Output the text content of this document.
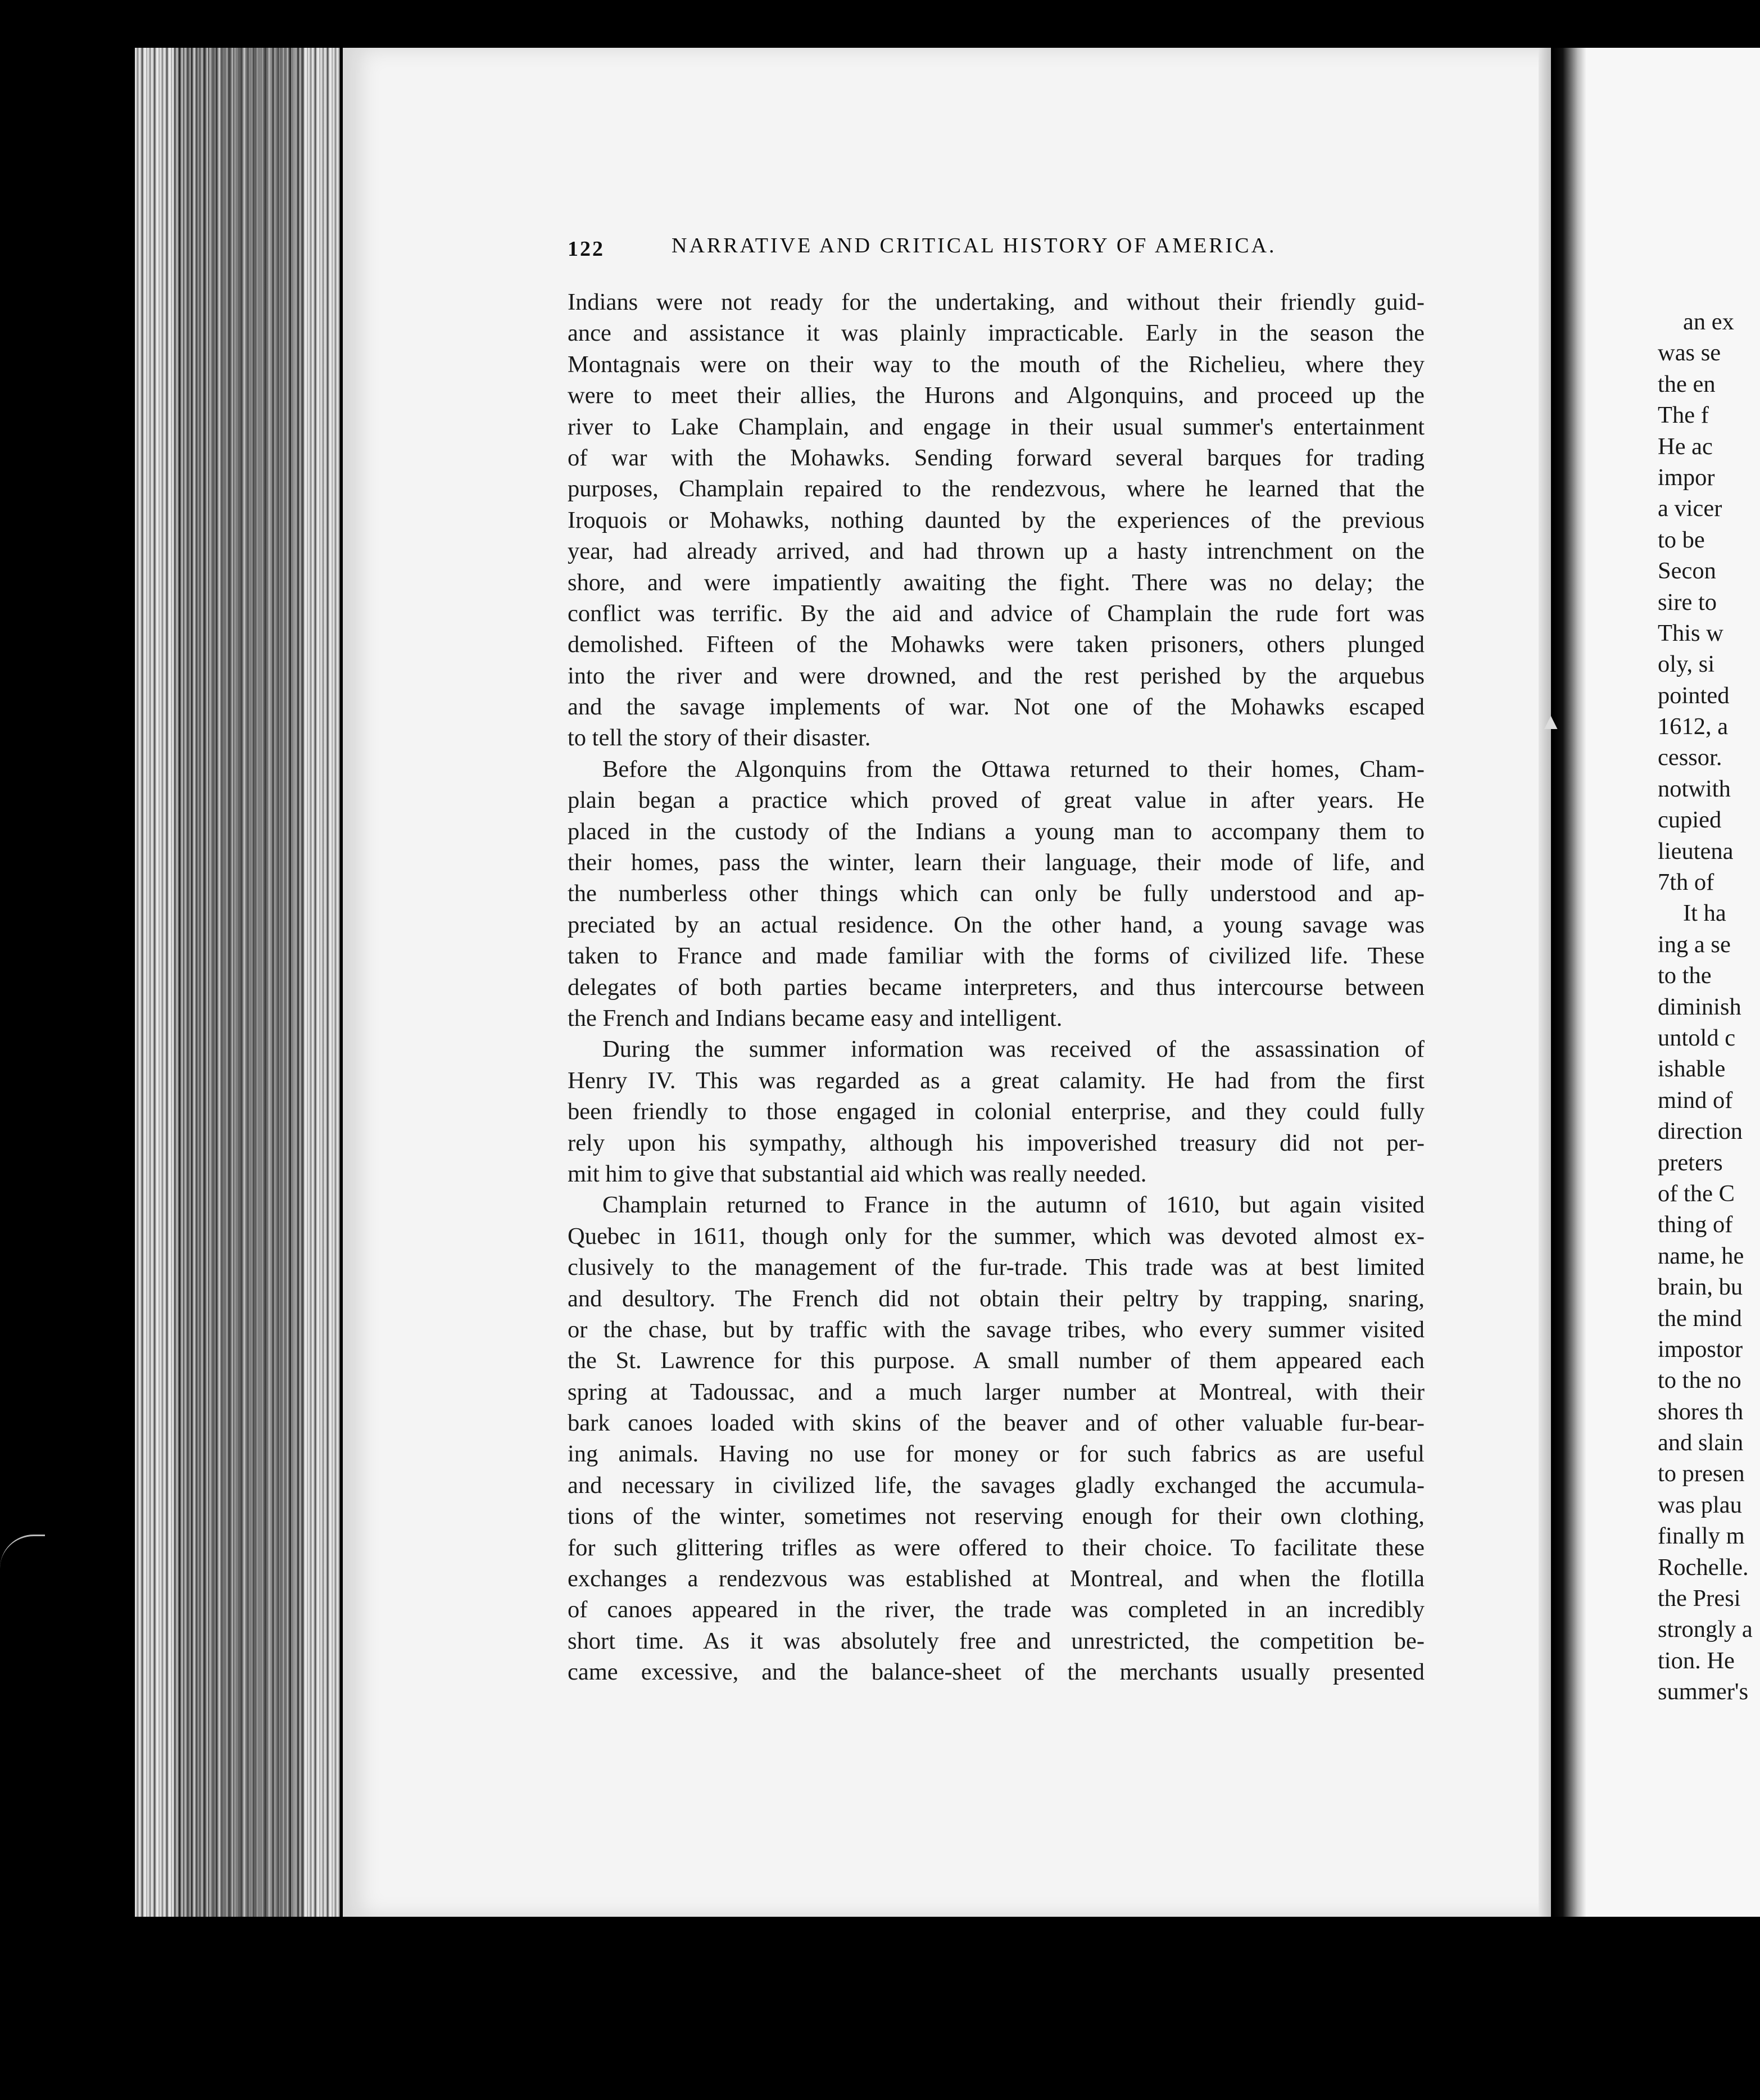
122	NARRATIVE AND CRITICAL HISTORY OF AMERICA.
Indians were not ready for the undertaking, and without their friendly guid-
ance and assistance it was plainly impracticable. Early in the season the
Montagnais were on their way to the mouth of the Richelieu, where they
were to meet their allies, the Hurons and Algonquins, and proceed up the
river to Lake Champlain, and engage in their usual summer's entertainment
of war with the Mohawks. Sending forward several barques for trading
purposes, Champlain repaired to the rendezvous, where he learned that the
Iroquois or Mohawks, nothing daunted by the experiences of the previous
year, had already arrived, and had thrown up a hasty intrenchment on the
shore, and were impatiently awaiting the fight. There was no delay; the
conflict was terrific. By the aid and advice of Champlain the rude fort was
demolished. Fifteen of the Mohawks were taken prisoners, others plunged
into the river and were drowned, and the rest perished by the arquebus
and the savage implements of war. Not one of the Mohawks escaped
to tell the story of their disaster.
Before the Algonquins from the Ottawa returned to their homes, Cham-
plain began a practice which proved of great value in after years. He
placed in the custody of the Indians a young man to accompany them to
their homes, pass the winter, learn their language, their mode of life, and
the numberless other things which can only be fully understood and ap-
preciated by an actual residence. On the other hand, a young savage was
taken to France and made familiar with the forms of civilized life. These
delegates of both parties became interpreters, and thus intercourse between
the French and Indians became easy and intelligent.
During the summer information was received of the assassination of
Henry IV. This was regarded as a great calamity. He had from the first
been friendly to those engaged in colonial enterprise, and they could fully
rely upon his sympathy, although his impoverished treasury did not per-
mit him to give that substantial aid which was really needed.
Champlain returned to France in the autumn of 1610, but again visited
Quebec in 1611, though only for the summer, which was devoted almost ex-
clusively to the management of the fur-trade. This trade was at best limited
and desultory. The French did not obtain their peltry by trapping, snaring,
or the chase, but by traffic with the savage tribes, who every summer visited
the St. Lawrence for this purpose. A small number of them appeared each
spring at Tadoussac, and a much larger number at Montreal, with their
bark canoes loaded with skins of the beaver and of other valuable fur-bear-
ing animals. Having no use for money or for such fabrics as are useful
and necessary in civilized life, the savages gladly exchanged the accumula-
tions of the winter, sometimes not reserving enough for their own clothing,
for such glittering trifles as were offered to their choice. To facilitate these
exchanges a rendezvous was established at Montreal, and when the flotilla
of canoes appeared in the river, the trade was completed in an incredibly
short time. As it was absolutely free and unrestricted, the competition be-
came excessive, and the balance-sheet of the merchants usually presented
an ex
was se
the en
The f
He ac
impor
a vicer
to be
Secon
sire to
This w
oly, si
pointed
1612, a
cessor.
notwith
cupied
lieutena
7th of
It ha
ing a se
to the
diminish
untold c
ishable
mind of
direction
preters
of the C
thing of
name, he
brain, bu
the mind
impostor
to the no
shores th
and slain
to presen
was plau
finally m
Rochelle.
the Presi
strongly a
tion. He
summer's
▲
